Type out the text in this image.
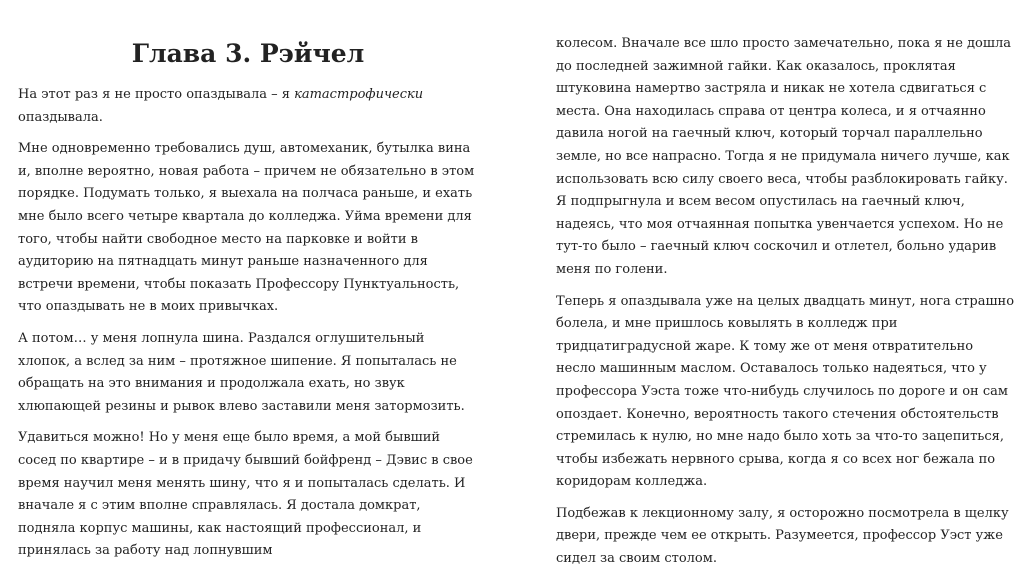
Глава 3. Рэйчел

На этот раз я не просто опаздывала – я катастрофически опаздывала.

Мне одновременно требовались душ, автомеханик, бутылка вина и, вполне вероятно, новая работа – причем не обязательно в этом порядке. Подумать только, я выехала на полчаса раньше, и ехать мне было всего четыре квартала до колледжа. Уйма времени для того, чтобы найти свободное место на парковке и войти в аудиторию на пятнадцать минут раньше назначенного для встречи времени, чтобы показать Профессору Пунктуальность, что опаздывать не в моих привычках.

А потом… у меня лопнула шина. Раздался оглушительный хлопок, а вслед за ним – протяжное шипение. Я попыталась не обращать на это внимания и продолжала ехать, но звук хлюпающей резины и рывок влево заставили меня затормозить.

Удавиться можно! Но у меня еще было время, а мой бывший сосед по квартире – и в придачу бывший бойфренд – Дэвис в свое время научил меня менять шину, что я и попыталась сделать. И вначале я с этим вполне справлялась. Я достала домкрат, подняла корпус машины, как настоящий профессионал, и принялась за работу над лопнувшим

колесом. Вначале все шло просто замечательно, пока я не дошла до последней зажимной гайки. Как оказалось, проклятая штуковина намертво застряла и никак не хотела сдвигаться с места. Она находилась справа от центра колеса, и я отчаянно давила ногой на гаечный ключ, который торчал параллельно земле, но все напрасно. Тогда я не придумала ничего лучше, как использовать всю силу своего веса, чтобы разблокировать гайку. Я подпрыгнула и всем весом опустилась на гаечный ключ, надеясь, что моя отчаянная попытка увенчается успехом. Но не тут-то было – гаечный ключ соскочил и отлетел, больно ударив меня по голени.

Теперь я опаздывала уже на целых двадцать минут, нога страшно болела, и мне пришлось ковылять в колледж при тридцатиградусной жаре. К тому же от меня отвратительно несло машинным маслом. Оставалось только надеяться, что у профессора Уэста тоже что-нибудь случилось по дороге и он сам опоздает. Конечно, вероятность такого стечения обстоятельств стремилась к нулю, но мне надо было хоть за что-то зацепиться, чтобы избежать нервного срыва, когда я со всех ног бежала по коридорам колледжа.

Подбежав к лекционному залу, я осторожно посмотрела в щелку двери, прежде чем ее открыть. Разумеется, профессор Уэст уже сидел за своим столом.
